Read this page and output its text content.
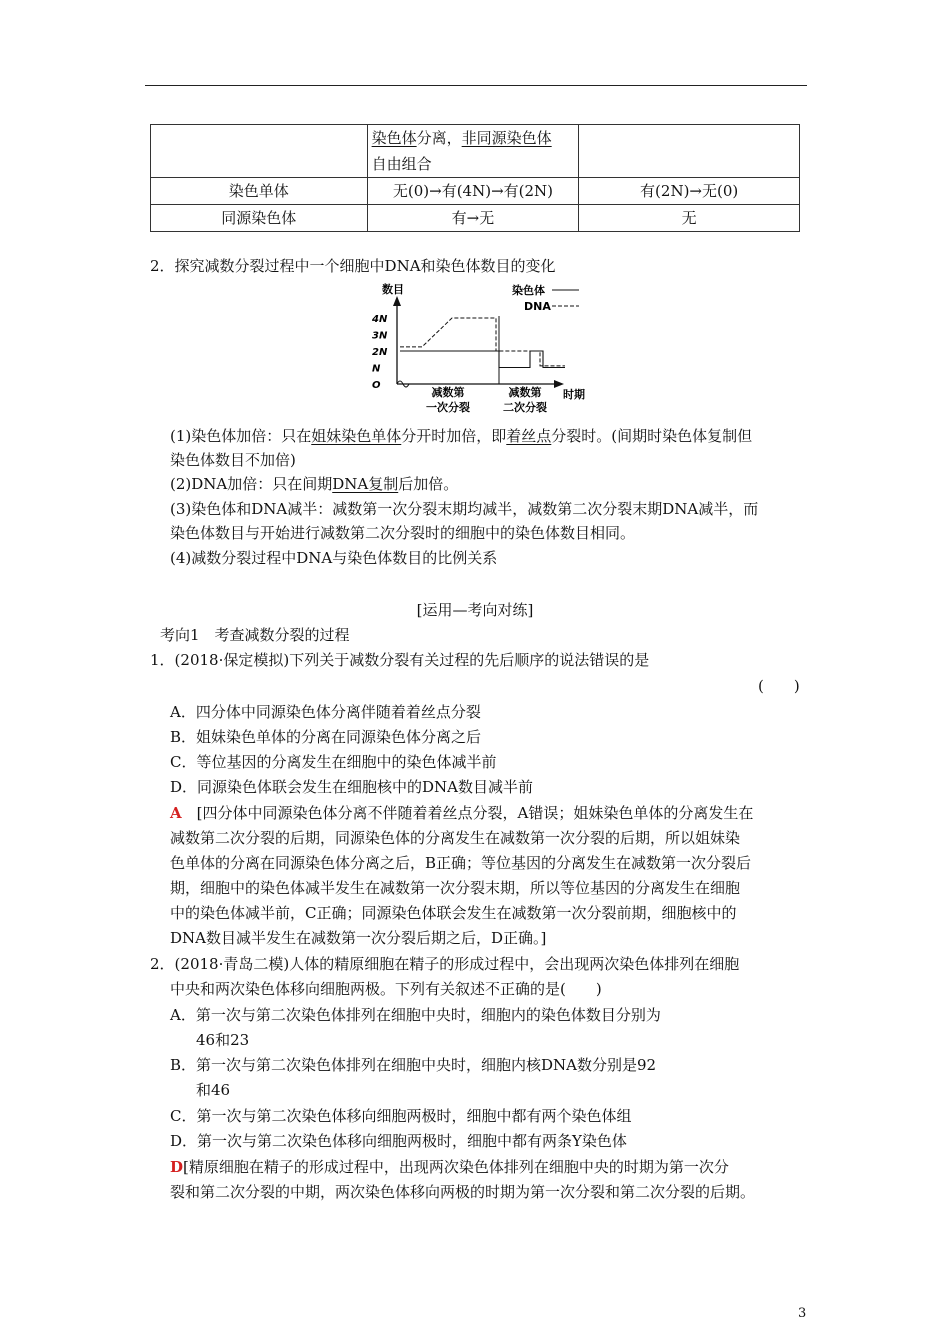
	染色体分离，非同源染色体
自由组合	
染色单体	无(0)→有(4N)→有(2N)	有(2N)→无(0)
同源染色体	有→无	无
2．探究减数分裂过程中一个细胞中DNA和染色体数目的变化
数目
4N
3N
2N
N
O
染色体
DNA
减数第
一次分裂
减数第
二次分裂
时期
(1)染色体加倍：只在姐妹染色单体分开时加倍，即着丝点分裂时。(间期时染色体复制但
染色体数目不加倍)
(2)DNA加倍：只在间期DNA复制后加倍。
(3)染色体和DNA减半：减数第一次分裂末期均减半，减数第二次分裂末期DNA减半，而
染色体数目与开始进行减数第二次分裂时的细胞中的染色体数目相同。
(4)减数分裂过程中DNA与染色体数目的比例关系
[运用—考向对练]
考向1　考查减数分裂的过程
1．(2018·保定模拟)下列关于减数分裂有关过程的先后顺序的说法错误的是
(　　)
A．四分体中同源染色体分离伴随着着丝点分裂
B．姐妹染色单体的分离在同源染色体分离之后
C．等位基因的分离发生在细胞中的染色体减半前
D．同源染色体联会发生在细胞核中的DNA数目减半前
A　 [四分体中同源染色体分离不伴随着着丝点分裂，A错误；姐妹染色单体的分离发生在
减数第二次分裂的后期，同源染色体的分离发生在减数第一次分裂的后期，所以姐妹染
色单体的分离在同源染色体分离之后，B正确；等位基因的分离发生在减数第一次分裂后
期，细胞中的染色体减半发生在减数第一次分裂末期，所以等位基因的分离发生在细胞
中的染色体减半前，C正确；同源染色体联会发生在减数第一次分裂前期，细胞核中的
DNA数目减半发生在减数第一次分裂后期之后，D正确。]
2．(2018·青岛二模)人体的精原细胞在精子的形成过程中，会出现两次染色体排列在细胞
中央和两次染色体移向细胞两极。下列有关叙述不正确的是(　　)
A．第一次与第二次染色体排列在细胞中央时，细胞内的染色体数目分别为
46和23
B．第一次与第二次染色体排列在细胞中央时，细胞内核DNA数分别是92
和46
C．第一次与第二次染色体移向细胞两极时，细胞中都有两个染色体组
D．第一次与第二次染色体移向细胞两极时，细胞中都有两条Y染色体
D[精原细胞在精子的形成过程中，出现两次染色体排列在细胞中央的时期为第一次分
裂和第二次分裂的中期，两次染色体移向两极的时期为第一次分裂和第二次分裂的后期。
3
